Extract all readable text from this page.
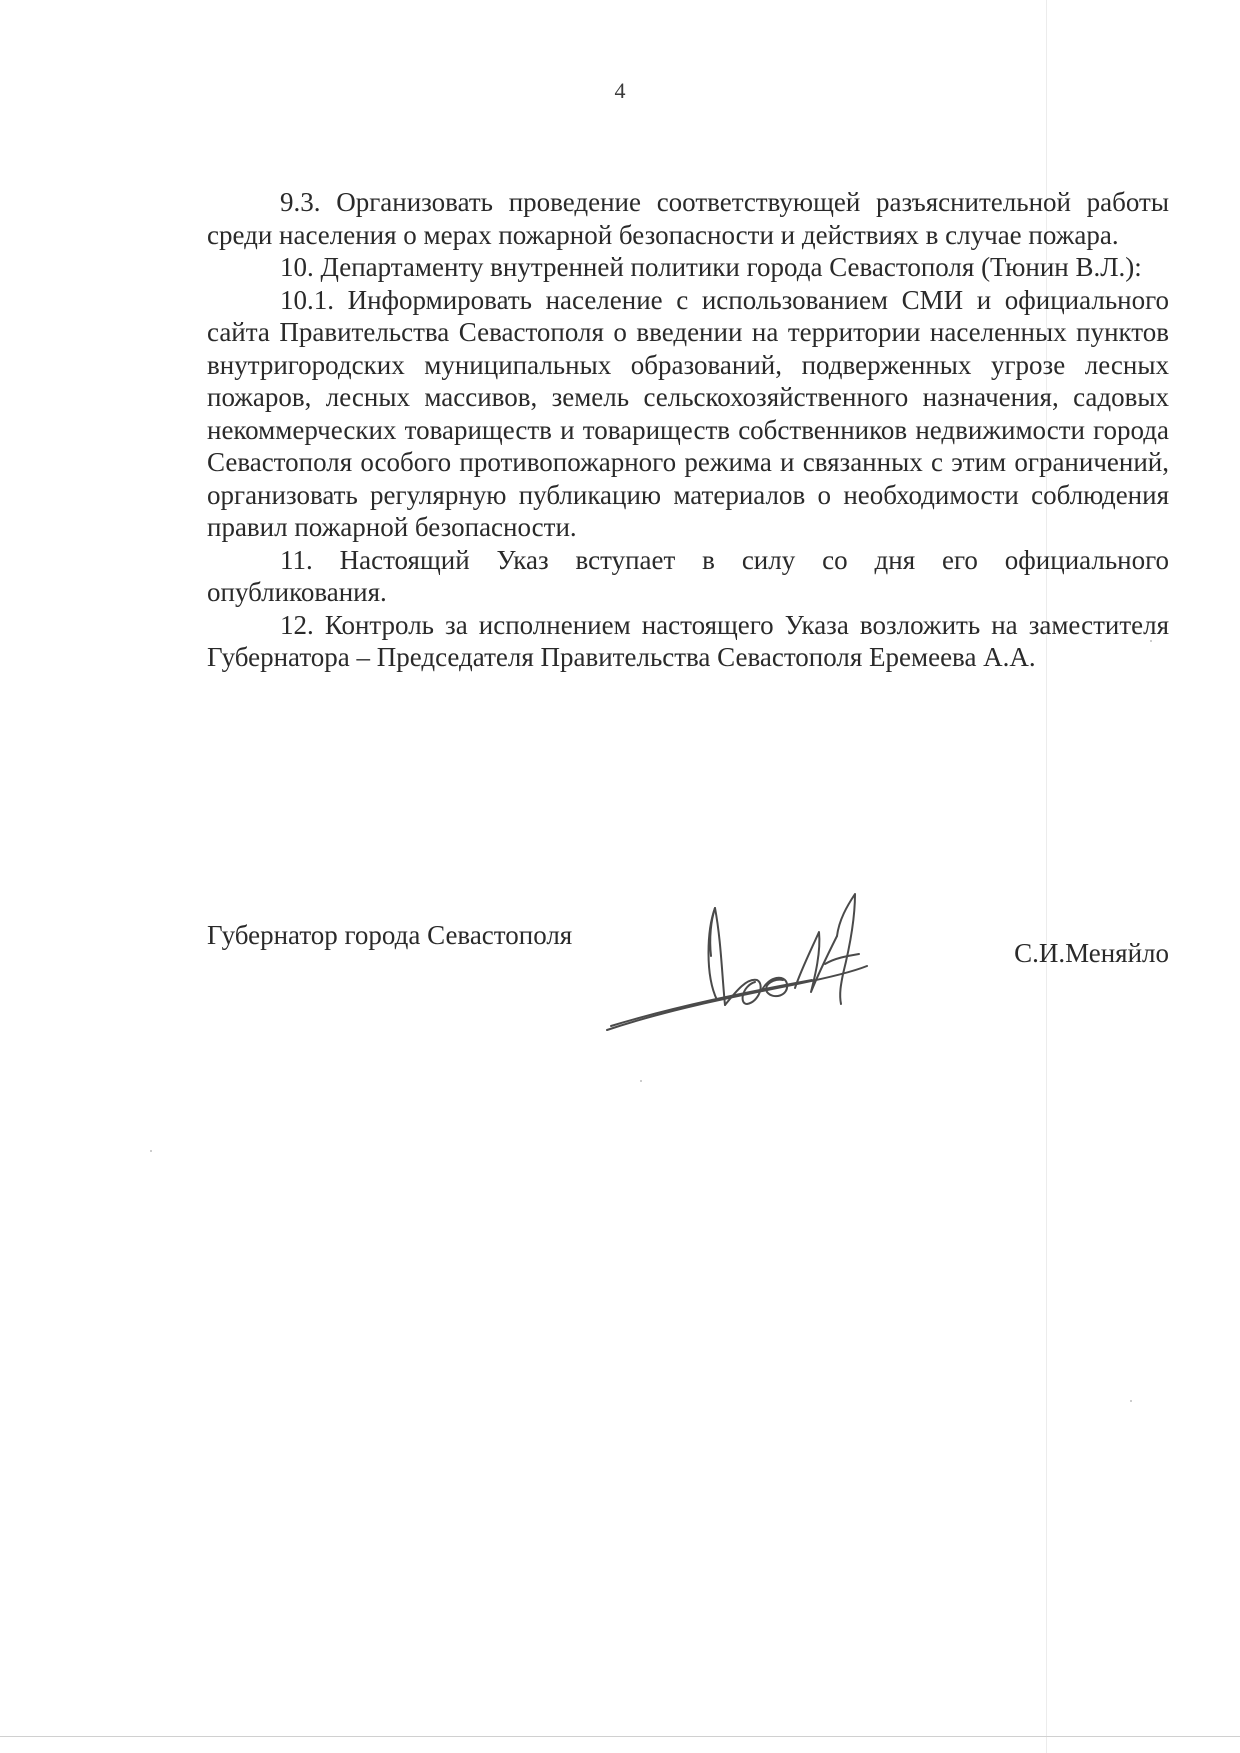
4

9.3. Организовать проведение соответствующей разъяснительной работы среди населения о мерах пожарной безопасности и действиях в случае пожара.

10. Департаменту внутренней политики города Севастополя (Тюнин В.Л.):

10.1. Информировать население с использованием СМИ и официального сайта Правительства Севастополя о введении на территории населенных пунктов внутригородских муниципальных образований, подверженных угрозе лесных пожаров, лесных массивов, земель сельскохозяйственного назначения, садовых некоммерческих товариществ и товариществ собственников недвижимости города Севастополя особого противопожарного режима и связанных с этим ограничений, организовать регулярную публикацию материалов о необходимости соблюдения правил пожарной безопасности.

11. Настоящий Указ вступает в силу со дня его официального опубликования.

12. Контроль за исполнением настоящего Указа возложить на заместителя Губернатора – Председателя Правительства Севастополя Еремеева А.А.

Губернатор города Севастополя
С.И.Меняйло
